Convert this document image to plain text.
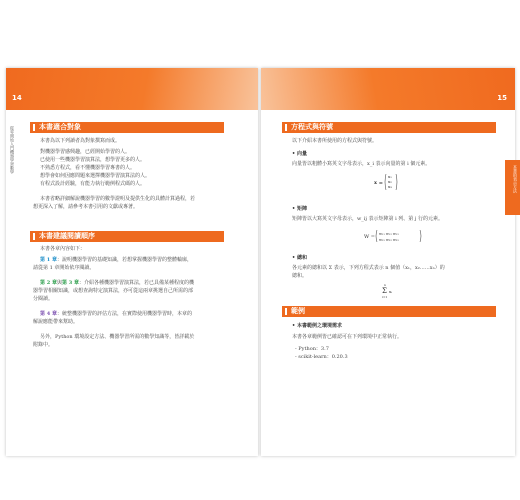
14	15
從零開始入門機器學習數學	本書適合對象
本書為以下列讀者為對象撰寫而成。
對機器學習感興趣，已經開始學習的人。
已使用一些機器學習演算法，想學習更多的人。
不熟悉方程式，看不懂機器學習專書的人。
想學會如何因應問題來選擇機器學習演算法的人。
有程式設計經驗，有能力執行範例程式碼的人。
本書省略詳細解說機器學習的數學證明及提供生化的具體計算過程，若
想更深入了解，請參考本書引用的文獻或專著。
本書建議閱讀順序
本書各章內容如下：
第 1 章：說明機器學習的基礎知識，若想掌握機器學習的整體輪廓，
請從第 1 章開始依序閱讀。
第 2 章與第 3 章：介紹各種機器學習演算法，若已具備某種程度的機
器學習相關知識，或想查詢特定演算法，亦可從這兩章挑選自己所需的部
分閱讀。
第 4 章：統整機器學習的評估方法，在實際使用機器學習時，本章的
解說應能帶來幫助。
另外，Python 環境設定方法、機器學習所需的數學知識等，皆詳載於
附錄中。
本書的表示方法
方程式與符號
以下介紹本書所使用的方程式與符號。
• 向量
向量皆以粗體小寫英文字母表示，x_i 表示向量的第 i 個元素。
x =
x₁
x₂
x₃
• 矩陣
矩陣皆以大寫英文字母表示，w_ij 表示矩陣第 i 列、第 j 行的元素。
W = w₁₁ w₁₂ w₁₃
w₂₁ w₂₂ w₂₃
• 總和
各元素的總和以 Σ 表示，下列方程式表示 n 個值（x₁，x₂……xₙ）的
總和。
n
Σ xᵢ
i=1
範例
• 本書範例之環境需求
本書各章範例皆已確認可在下列環境中正常執行。
- Python：3.7
- scikit-learn：0.20.3
